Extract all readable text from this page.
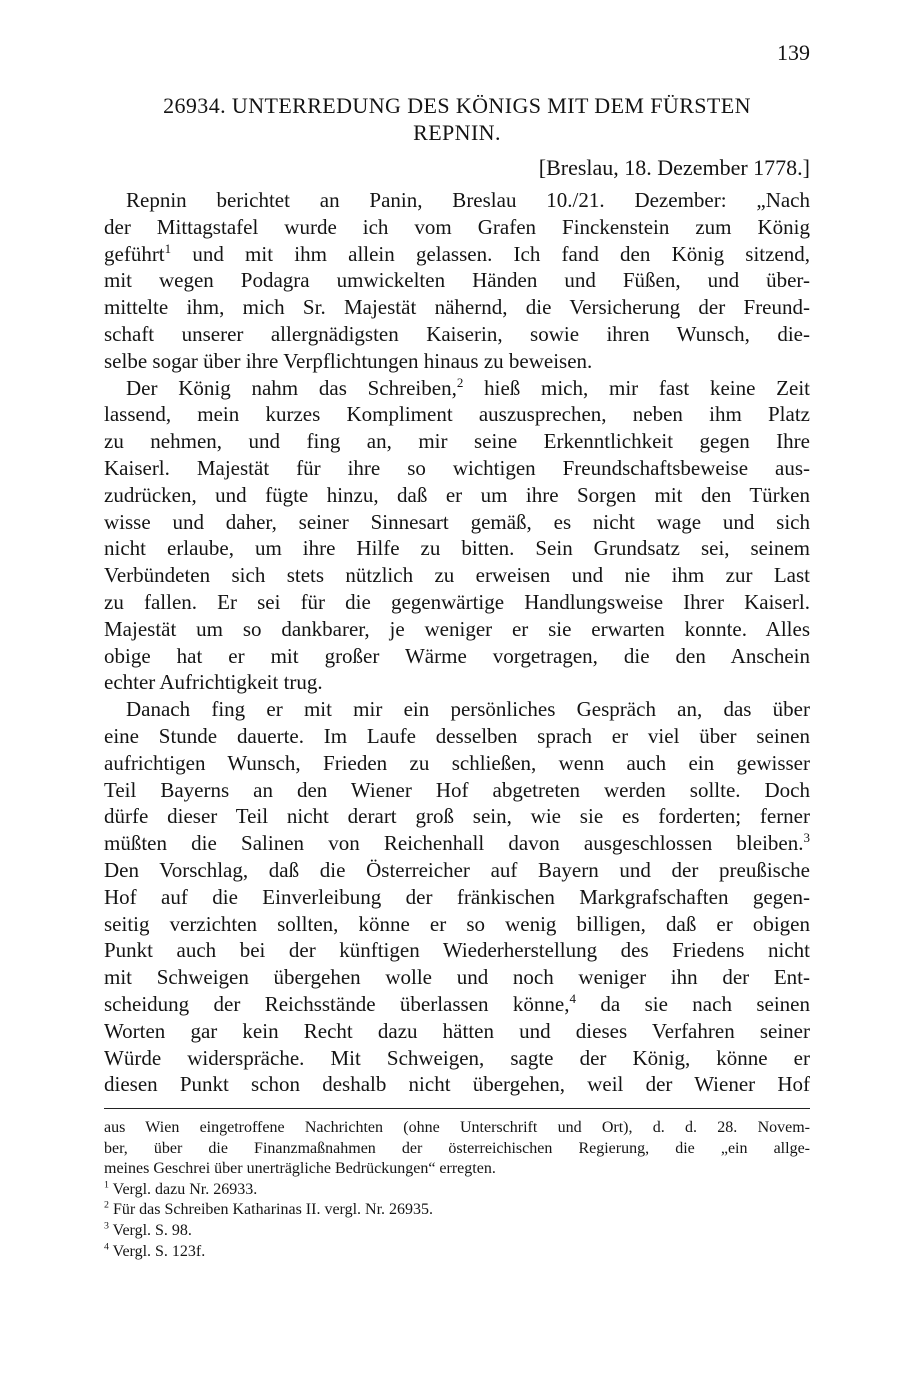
139
26934. UNTERREDUNG DES KÖNIGS MIT DEM FÜRSTEN
REPNIN.
[Breslau, 18. Dezember 1778.]
Repnin berichtet an Panin, Breslau 10./21. Dezember: „Nach
der Mittagstafel wurde ich vom Grafen Finckenstein zum König
geführt$^1$ und mit ihm allein gelassen. Ich fand den König sitzend,
mit wegen Podagra umwickelten Händen und Füßen, und über-
mittelte ihm, mich Sr. Majestät nähernd, die Versicherung der Freund-
schaft unserer allergnädigsten Kaiserin, sowie ihren Wunsch, die-
selbe sogar über ihre Verpflichtungen hinaus zu beweisen.
Der König nahm das Schreiben,$^2$ hieß mich, mir fast keine Zeit
lassend, mein kurzes Kompliment auszusprechen, neben ihm Platz
zu nehmen, und fing an, mir seine Erkenntlichkeit gegen Ihre
Kaiserl. Majestät für ihre so wichtigen Freundschaftsbeweise aus-
zudrücken, und fügte hinzu, daß er um ihre Sorgen mit den Türken
wisse und daher, seiner Sinnesart gemäß, es nicht wage und sich
nicht erlaube, um ihre Hilfe zu bitten. Sein Grundsatz sei, seinem
Verbündeten sich stets nützlich zu erweisen und nie ihm zur Last
zu fallen. Er sei für die gegenwärtige Handlungsweise Ihrer Kaiserl.
Majestät um so dankbarer, je weniger er sie erwarten konnte. Alles
obige hat er mit großer Wärme vorgetragen, die den Anschein
echter Aufrichtigkeit trug.
Danach fing er mit mir ein persönliches Gespräch an, das über
eine Stunde dauerte. Im Laufe desselben sprach er viel über seinen
aufrichtigen Wunsch, Frieden zu schließen, wenn auch ein gewisser
Teil Bayerns an den Wiener Hof abgetreten werden sollte. Doch
dürfe dieser Teil nicht derart groß sein, wie sie es forderten; ferner
müßten die Salinen von Reichenhall davon ausgeschlossen bleiben.$^3$
Den Vorschlag, daß die Österreicher auf Bayern und der preußische
Hof auf die Einverleibung der fränkischen Markgrafschaften gegen-
seitig verzichten sollten, könne er so wenig billigen, daß er obigen
Punkt auch bei der künftigen Wiederherstellung des Friedens nicht
mit Schweigen übergehen wolle und noch weniger ihn der Ent-
scheidung der Reichsstände überlassen könne,$^4$ da sie nach seinen
Worten gar kein Recht dazu hätten und dieses Verfahren seiner
Würde widerspräche. Mit Schweigen, sagte der König, könne er
diesen Punkt schon deshalb nicht übergehen, weil der Wiener Hof
aus Wien eingetroffene Nachrichten (ohne Unterschrift und Ort), d. d. 28. Novem-
ber, über die Finanzmaßnahmen der österreichischen Regierung, die „ein allge-
meines Geschrei über unerträgliche Bedrückungen“ erregten.
$^1$ Vergl. dazu Nr. 26933.
$^2$ Für das Schreiben Katharinas II. vergl. Nr. 26935.
$^3$ Vergl. S. 98.
$^4$ Vergl. S. 123f.
